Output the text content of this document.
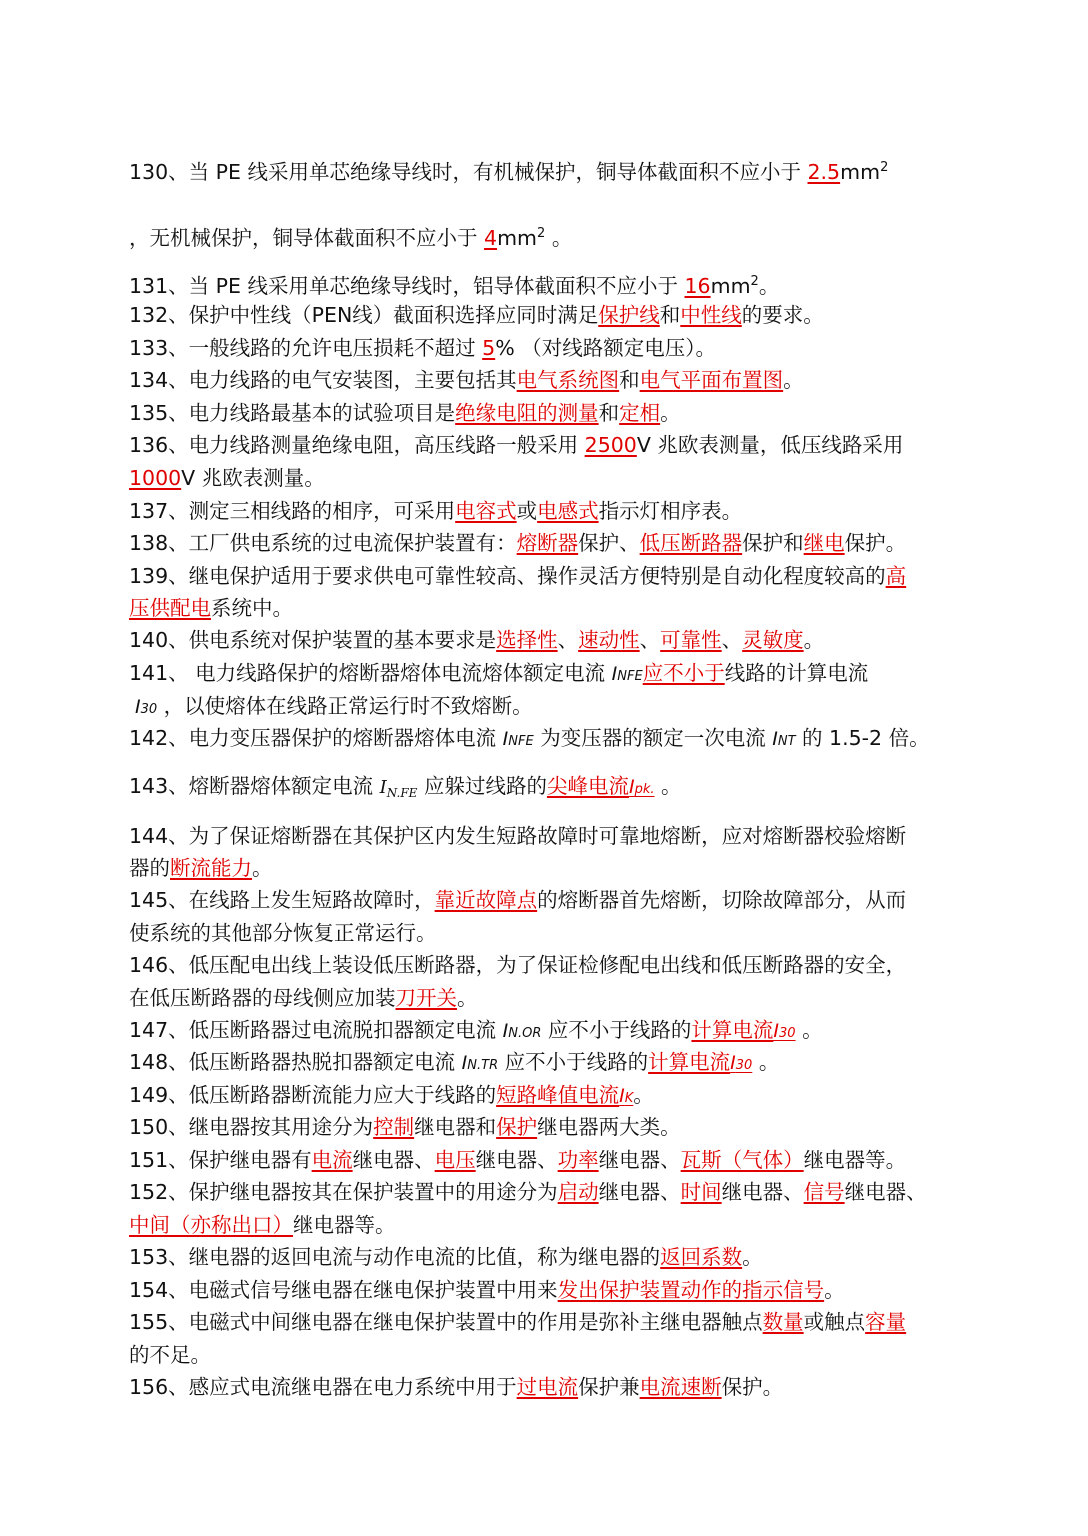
130、当 PE 线采用单芯绝缘导线时，有机械保护，铜导体截面积不应小于 $2.5mm^2$
，无机械保护，铜导体截面积不应小于 $4mm^2$ 。
131、当 PE 线采用单芯绝缘导线时，铝导体截面积不应小于 $16mm^2$。
132、保护中性线（PEN线）截面积选择应同时满足保护线和中性线的要求。
133、一般线路的允许电压损耗不超过 5% （对线路额定电压）。
134、电力线路的电气安装图，主要包括其电气系统图和电气平面布置图。
135、电力线路最基本的试验项目是绝缘电阻的测量和定相。
136、电力线路测量绝缘电阻，高压线路一般采用 2500V 兆欧表测量，低压线路采用
1000V 兆欧表测量。
137、测定三相线路的相序，可采用电容式或电感式指示灯相序表。
138、工厂供电系统的过电流保护装置有：熔断器保护、低压断路器保护和继电保护。
139、继电保护适用于要求供电可靠性较高、操作灵活方便特别是自动化程度较高的高
压供配电系统中。
140、供电系统对保护装置的基本要求是选择性、速动性、可靠性、灵敏度。
141、 电力线路保护的熔断器熔体电流熔体额定电流 INFE应不小于线路的计算电流
I30 ，以使熔体在线路正常运行时不致熔断。
142、电力变压器保护的熔断器熔体电流 INFE 为变压器的额定一次电流 INT 的 1.5-2 倍。
143、熔断器熔体额定电流 IN.FE 应躲过线路的尖峰电流Ipk. 。
144、为了保证熔断器在其保护区内发生短路故障时可靠地熔断，应对熔断器校验熔断
器的断流能力。
145、在线路上发生短路故障时，靠近故障点的熔断器首先熔断，切除故障部分，从而
使系统的其他部分恢复正常运行。
146、低压配电出线上装设低压断路器，为了保证检修配电出线和低压断路器的安全，
在低压断路器的母线侧应加装刀开关。
147、低压断路器过电流脱扣器额定电流 IN.OR 应不小于线路的计算电流I30 。
148、低压断路器热脱扣器额定电流 IN.TR 应不小于线路的计算电流I30 。
149、低压断路器断流能力应大于线路的短路峰值电流IK。
150、继电器按其用途分为控制继电器和保护继电器两大类。
151、保护继电器有电流继电器、电压继电器、功率继电器、瓦斯（气体）继电器等。
152、保护继电器按其在保护装置中的用途分为启动继电器、时间继电器、信号继电器、
中间（亦称出口）继电器等。
153、继电器的返回电流与动作电流的比值，称为继电器的返回系数。
154、电磁式信号继电器在继电保护装置中用来发出保护装置动作的指示信号。
155、电磁式中间继电器在继电保护装置中的作用是弥补主继电器触点数量或触点容量
的不足。
156、感应式电流继电器在电力系统中用于过电流保护兼电流速断保护。
